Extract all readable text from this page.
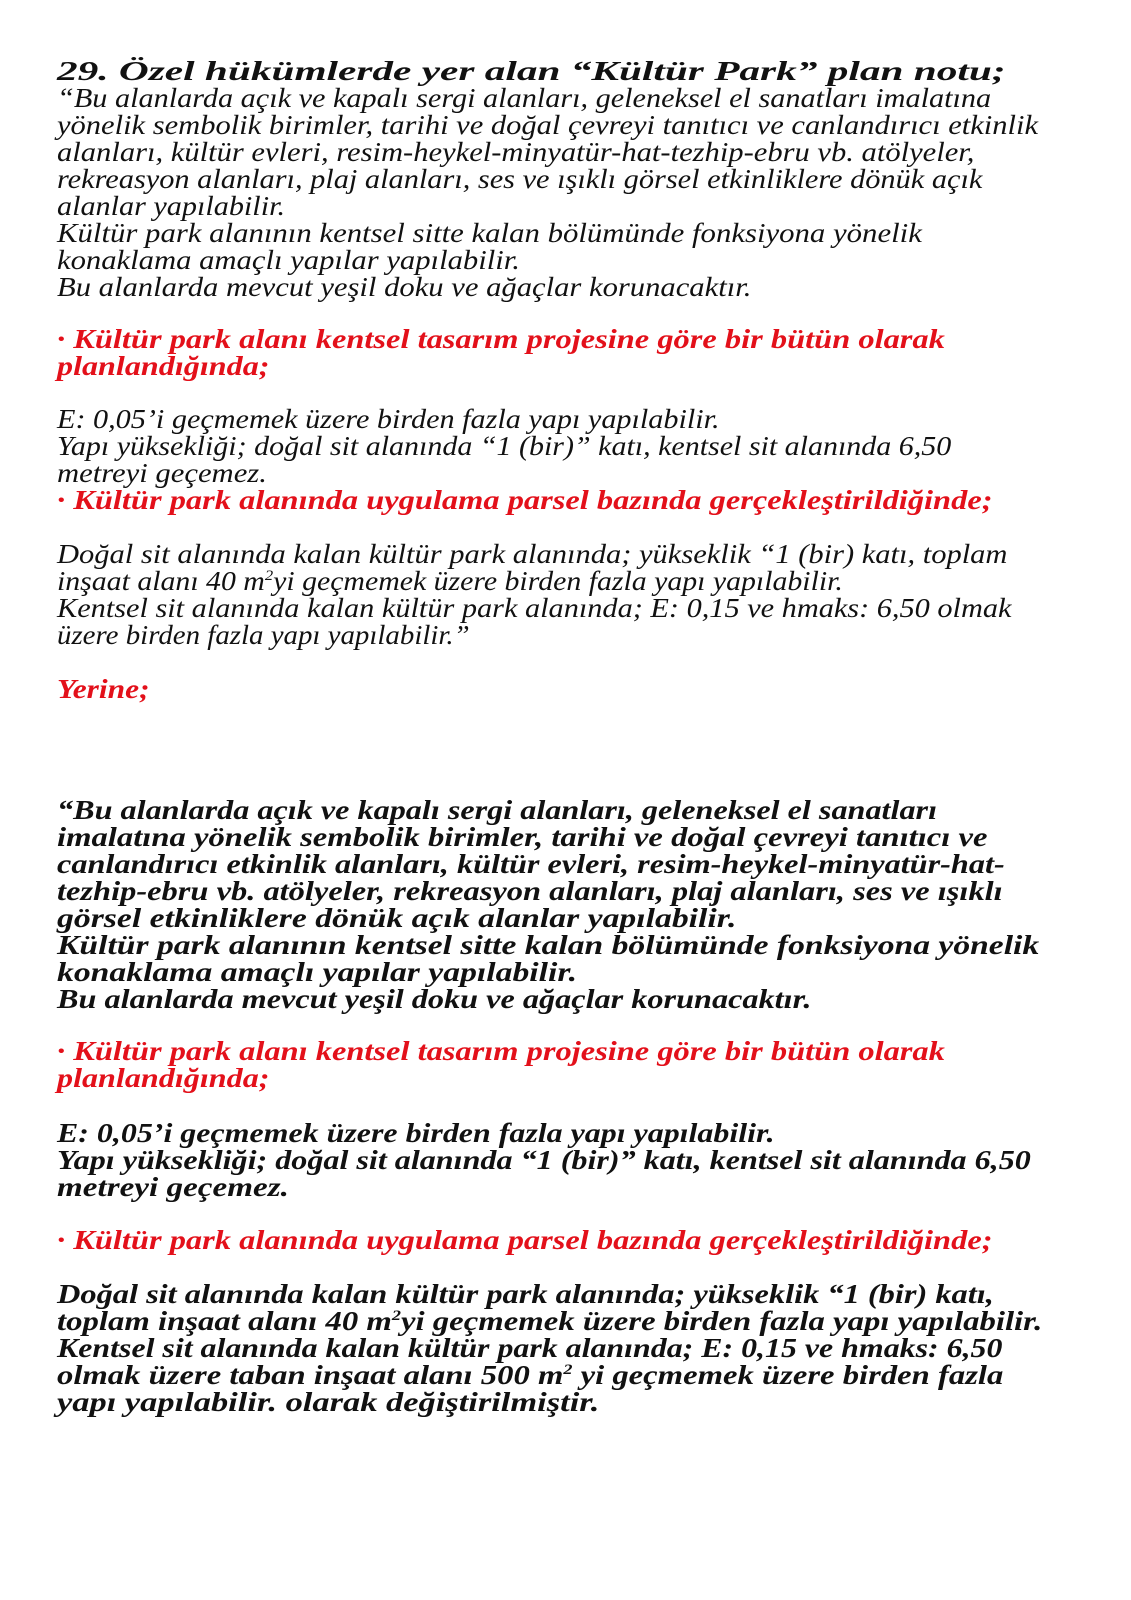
29. Özel hükümlerde yer alan “Kültür Park” plan notu;
“Bu alanlarda açık ve kapalı sergi alanları, geleneksel el sanatları imalatına
yönelik sembolik birimler, tarihi ve doğal çevreyi tanıtıcı ve canlandırıcı etkinlik
alanları, kültür evleri, resim-heykel-minyatür-hat-tezhip-ebru vb. atölyeler,
rekreasyon alanları, plaj alanları, ses ve ışıklı görsel etkinliklere dönük açık
alanlar yapılabilir.
Kültür park alanının kentsel sitte kalan bölümünde fonksiyona yönelik
konaklama amaçlı yapılar yapılabilir.
Bu alanlarda mevcut yeşil doku ve ağaçlar korunacaktır.
· Kültür park alanı kentsel tasarım projesine göre bir bütün olarak
planlandığında;
E: 0,05’i geçmemek üzere birden fazla yapı yapılabilir.
Yapı yüksekliği; doğal sit alanında “1 (bir)” katı, kentsel sit alanında 6,50
metreyi geçemez.
· Kültür park alanında uygulama parsel bazında gerçekleştirildiğinde;
Doğal sit alanında kalan kültür park alanında; yükseklik “1 (bir) katı, toplam
inşaat alanı 40 $m^2yi$ geçmemek üzere birden fazla yapı yapılabilir.
Kentsel sit alanında kalan kültür park alanında; E: 0,15 ve hmaks: 6,50 olmak
üzere birden fazla yapı yapılabilir.”
Yerine;
“Bu alanlarda açık ve kapalı sergi alanları, geleneksel el sanatları
imalatına yönelik sembolik birimler, tarihi ve doğal çevreyi tanıtıcı ve
canlandırıcı etkinlik alanları, kültür evleri, resim-heykel-minyatür-hat-
tezhip-ebru vb. atölyeler, rekreasyon alanları, plaj alanları, ses ve ışıklı
görsel etkinliklere dönük açık alanlar yapılabilir.
Kültür park alanının kentsel sitte kalan bölümünde fonksiyona yönelik
konaklama amaçlı yapılar yapılabilir.
Bu alanlarda mevcut yeşil doku ve ağaçlar korunacaktır.
· Kültür park alanı kentsel tasarım projesine göre bir bütün olarak
planlandığında;
E: 0,05’i geçmemek üzere birden fazla yapı yapılabilir.
Yapı yüksekliği; doğal sit alanında “1 (bir)” katı, kentsel sit alanında 6,50
metreyi geçemez.
· Kültür park alanında uygulama parsel bazında gerçekleştirildiğinde;
Doğal sit alanında kalan kültür park alanında; yükseklik “1 (bir) katı,
toplam inşaat alanı 40 $m^2yi$ geçmemek üzere birden fazla yapı yapılabilir.
Kentsel sit alanında kalan kültür park alanında; E: 0,15 ve hmaks: 6,50
olmak üzere taban inşaat alanı 500 $m^2$ yi geçmemek üzere birden fazla
yapı yapılabilir. olarak değiştirilmiştir.
